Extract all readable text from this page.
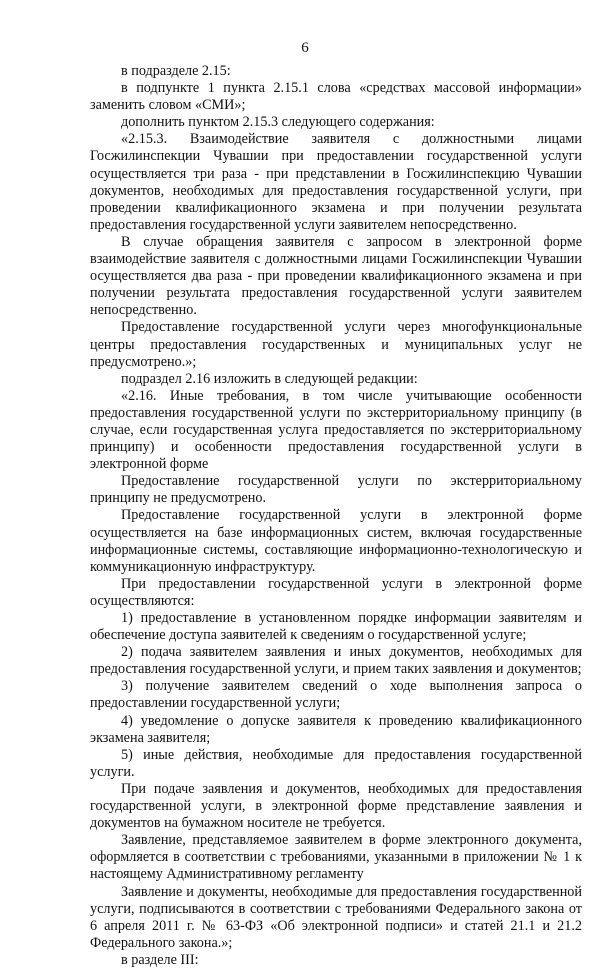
6

в подразделе 2.15:

в подпункте 1 пункта 2.15.1 слова «средствах массовой информации» заменить словом «СМИ»;

дополнить пунктом 2.15.3 следующего содержания:

«2.15.3. Взаимодействие заявителя с должностными лицами Госжилинспекции Чувашии при предоставлении государственной услуги осуществляется три раза - при представлении в Госжилинспекцию Чувашии документов, необходимых для предоставления государственной услуги, при проведении квалификационного экзамена и при получении результата предоставления государственной услуги заявителем непосредственно.

В случае обращения заявителя с запросом в электронной форме взаимодействие заявителя с должностными лицами Госжилинспекции Чувашии осуществляется два раза - при проведении квалификационного экзамена и при получении результата предоставления государственной услуги заявителем непосредственно.

Предоставление государственной услуги через многофункциональные центры предоставления государственных и муниципальных услуг не предусмотрено.»;

подраздел 2.16 изложить в следующей редакции:

«2.16. Иные требования, в том числе учитывающие особенности предоставления государственной услуги по экстерриториальному принципу (в случае, если государственная услуга предоставляется по экстерриториальному принципу) и особенности предоставления государственной услуги в электронной форме

Предоставление государственной услуги по экстерриториальному принципу не предусмотрено.

Предоставление государственной услуги в электронной форме осуществляется на базе информационных систем, включая государственные информационные системы, составляющие информационно-технологическую и коммуникационную инфраструктуру.

При предоставлении государственной услуги в электронной форме осуществляются:

1) предоставление в установленном порядке информации заявителям и обеспечение доступа заявителей к сведениям о государственной услуге;

2) подача заявителем заявления и иных документов, необходимых для предоставления государственной услуги, и прием таких заявления и документов;

3) получение заявителем сведений о ходе выполнения запроса о предоставлении государственной услуги;

4) уведомление о допуске заявителя к проведению квалификационного экзамена заявителя;

5) иные действия, необходимые для предоставления государственной услуги.

При подаче заявления и документов, необходимых для предоставления государственной услуги, в электронной форме представление заявления и документов на бумажном носителе не требуется.

Заявление, представляемое заявителем в форме электронного документа, оформляется в соответствии с требованиями, указанными в приложении № 1 к настоящему Административному регламенту

Заявление и документы, необходимые для предоставления государственной услуги, подписываются в соответствии с требованиями Федерального закона от 6 апреля 2011 г. № 63-ФЗ «Об электронной подписи» и статей 21.1 и 21.2 Федерального закона.»;

в разделе III:
